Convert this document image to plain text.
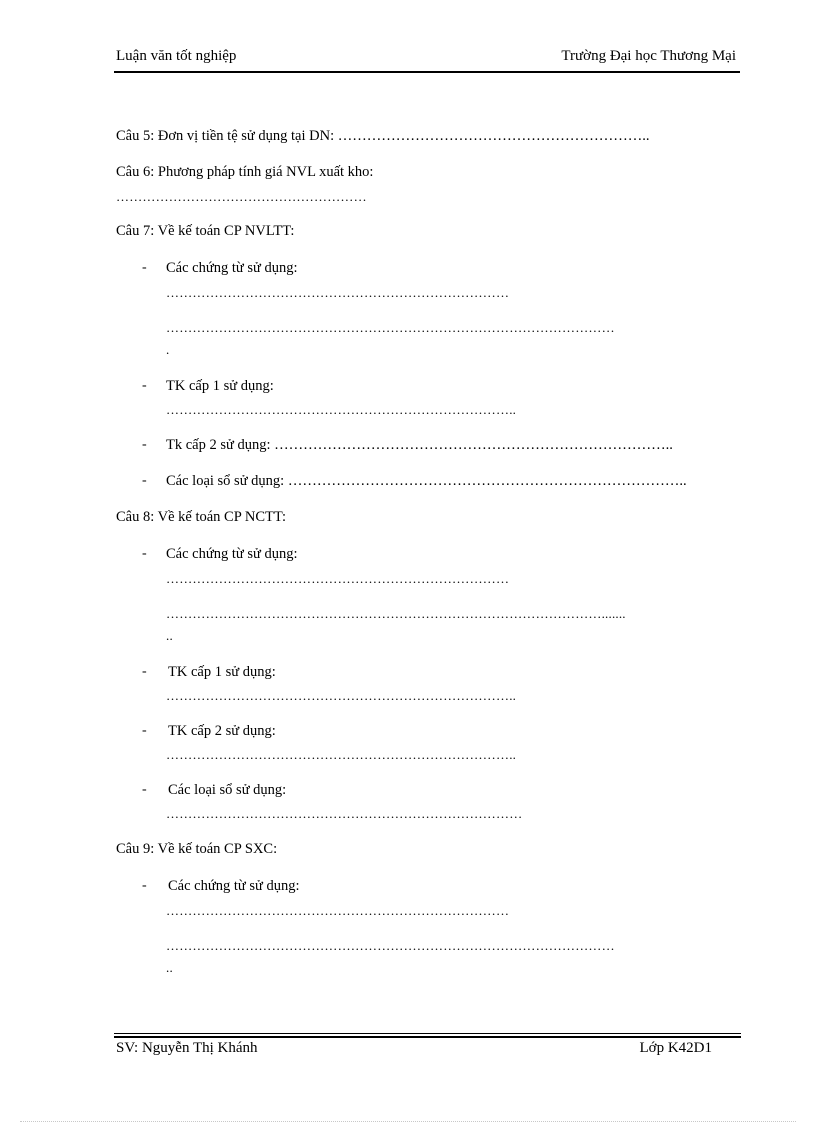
Luận văn tốt nghiệp	Trường Đại học Thương Mại
Câu 5: Đơn vị tiền tệ sử dụng tại DN: ………………………………………………………..
Câu 6: Phương pháp tính giá NVL xuất kho:
…………………………………………………
Câu 7: Về kế toán CP NVLTT:
- Các chứng từ sử dụng:
……………………………………………………………………
…………………………………………………………………………………………
.
- TK cấp 1 sử dụng:
……………………………………………………………………..
- Tk cấp 2 sử dụng: ………………………………………………………………………..
- Các loại sổ sử dụng: ………………………………………………………………………..
Câu 8: Về kế toán CP NCTT:
- Các chứng từ sử dụng:
……………………………………………………………………
……………………………………………………………………………………….......
..
- TK cấp 1 sử dụng:
……………………………………………………………………..
- TK cấp 2 sử dụng:
……………………………………………………………………..
- Các loại sổ sử dụng:
………………………………………………………………………
Câu 9: Về kế toán CP SXC:
- Các chứng từ sử dụng:
……………………………………………………………………
…………………………………………………………………………………………
..
SV: Nguyễn Thị Khánh	Lớp K42D1
